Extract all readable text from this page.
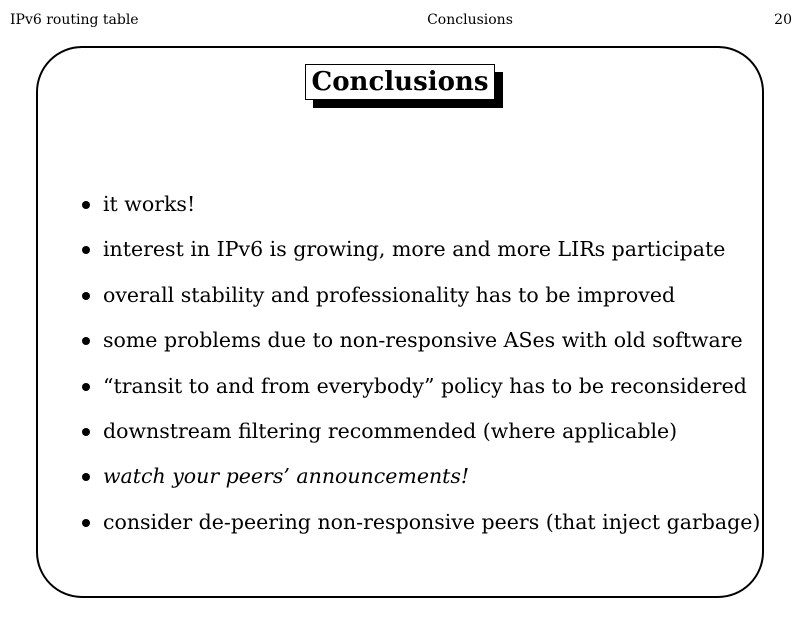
IPv6 routing table	Conclusions	20
Conclusions
it works!
interest in IPv6 is growing, more and more LIRs participate
overall stability and professionality has to be improved
some problems due to non-responsive ASes with old software
“transit to and from everybody” policy has to be reconsidered
downstream filtering recommended (where applicable)
watch your peers’ announcements!
consider de-peering non-responsive peers (that inject garbage)
